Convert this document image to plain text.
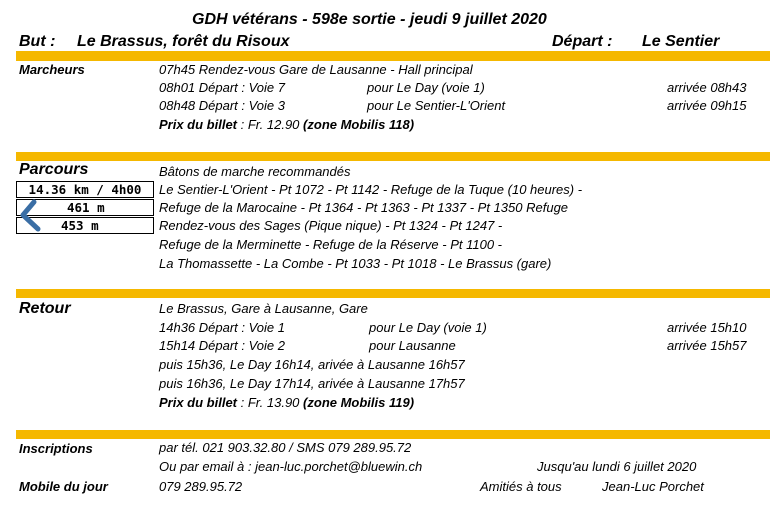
GDH vétérans - 598e sortie - jeudi 9 juillet 2020
But : Le Brassus, forêt du Risoux	Départ : Le Sentier
Marcheurs	07h45 Rendez-vous Gare de Lausanne - Hall principal
08h01 Départ : Voie 7	pour Le Day (voie 1)	arrivée 08h43
08h48 Départ : Voie 3	pour Le Sentier-L'Orient	arrivée 09h15
Prix du billet : Fr. 12.90 (zone Mobilis 118)
Parcours
14.36 km / 4h00
461 m
453 m
Bâtons de marche recommandés
Le Sentier-L'Orient - Pt 1072 - Pt 1142 - Refuge de la Tuque (10 heures) -
Refuge de la Marocaine - Pt 1364 - Pt 1363 - Pt 1337 - Pt 1350 Refuge
Rendez-vous des Sages (Pique nique) - Pt 1324 - Pt 1247 -
Refuge de la Merminette - Refuge de la Réserve - Pt 1100 -
La Thomassette - La Combe - Pt 1033 - Pt 1018 - Le Brassus (gare)
Retour	Le Brassus, Gare à Lausanne, Gare
14h36 Départ : Voie 1	pour Le Day (voie 1)	arrivée 15h10
15h14 Départ : Voie 2	pour Lausanne	arrivée 15h57
puis 15h36, Le Day 16h14, arivée à Lausanne 16h57
puis 16h36, Le Day 17h14, arivée à Lausanne 17h57
Prix du billet : Fr. 13.90 (zone Mobilis 119)
Inscriptions	par tél. 021 903.32.80 / SMS 079 289.95.72
Ou par email à : jean-luc.porchet@bluewin.ch	Jusqu'au lundi 6 juillet 2020
Mobile du jour	079 289.95.72	Amitiés à tous	Jean-Luc Porchet
